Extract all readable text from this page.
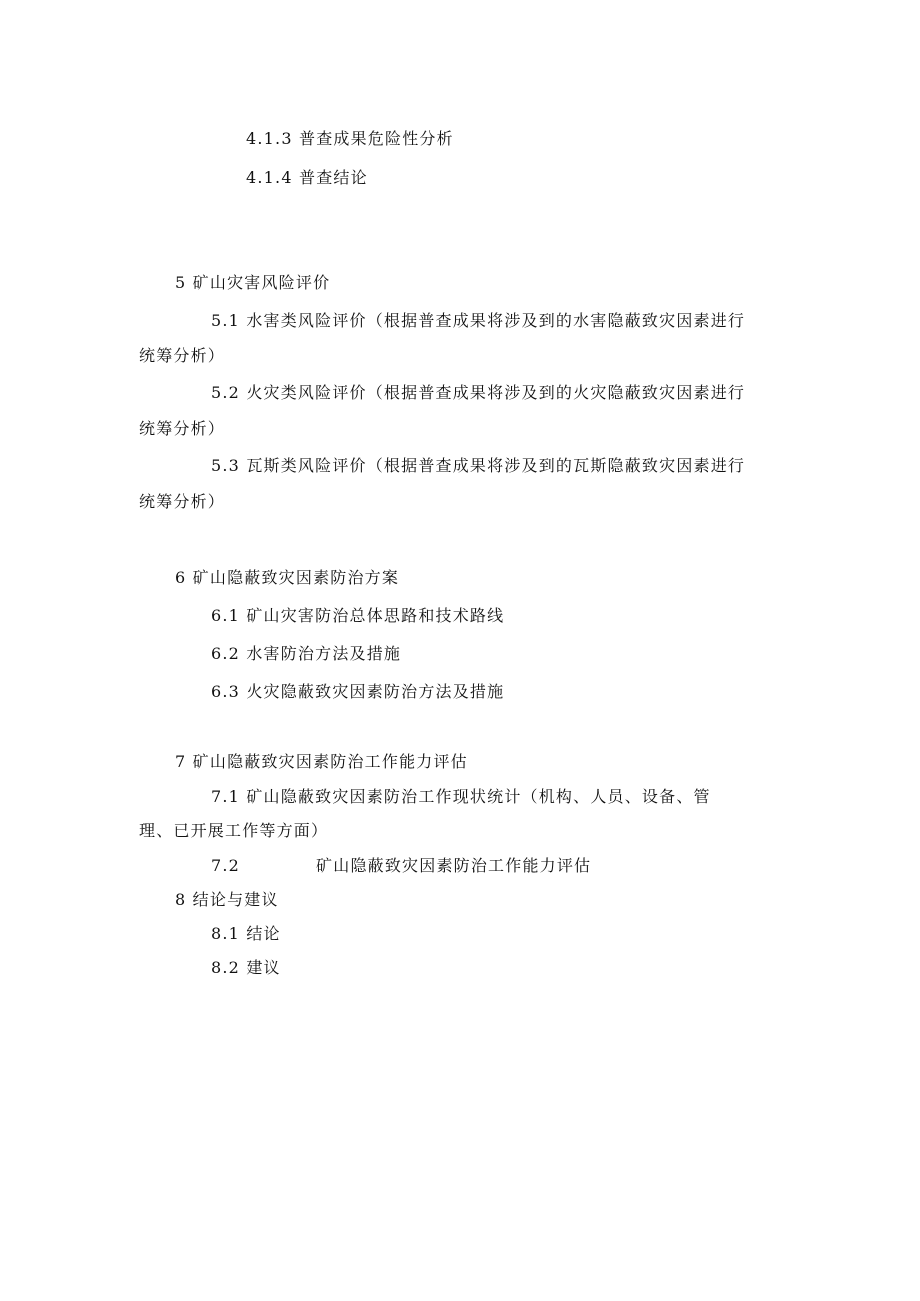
4.1.3 普查成果危险性分析
4.1.4 普查结论
5 矿山灾害风险评价
5.1 水害类风险评价（根据普查成果将涉及到的水害隐蔽致灾因素进行
统筹分析）
5.2 火灾类风险评价（根据普查成果将涉及到的火灾隐蔽致灾因素进行
统筹分析）
5.3 瓦斯类风险评价（根据普查成果将涉及到的瓦斯隐蔽致灾因素进行
统筹分析）
6 矿山隐蔽致灾因素防治方案
6.1 矿山灾害防治总体思路和技术路线
6.2 水害防治方法及措施
6.3 火灾隐蔽致灾因素防治方法及措施
7 矿山隐蔽致灾因素防治工作能力评估
7.1 矿山隐蔽致灾因素防治工作现状统计（机构、人员、设备、管
理、已开展工作等方面）
7.2	矿山隐蔽致灾因素防治工作能力评估
8 结论与建议
8.1 结论
8.2 建议
